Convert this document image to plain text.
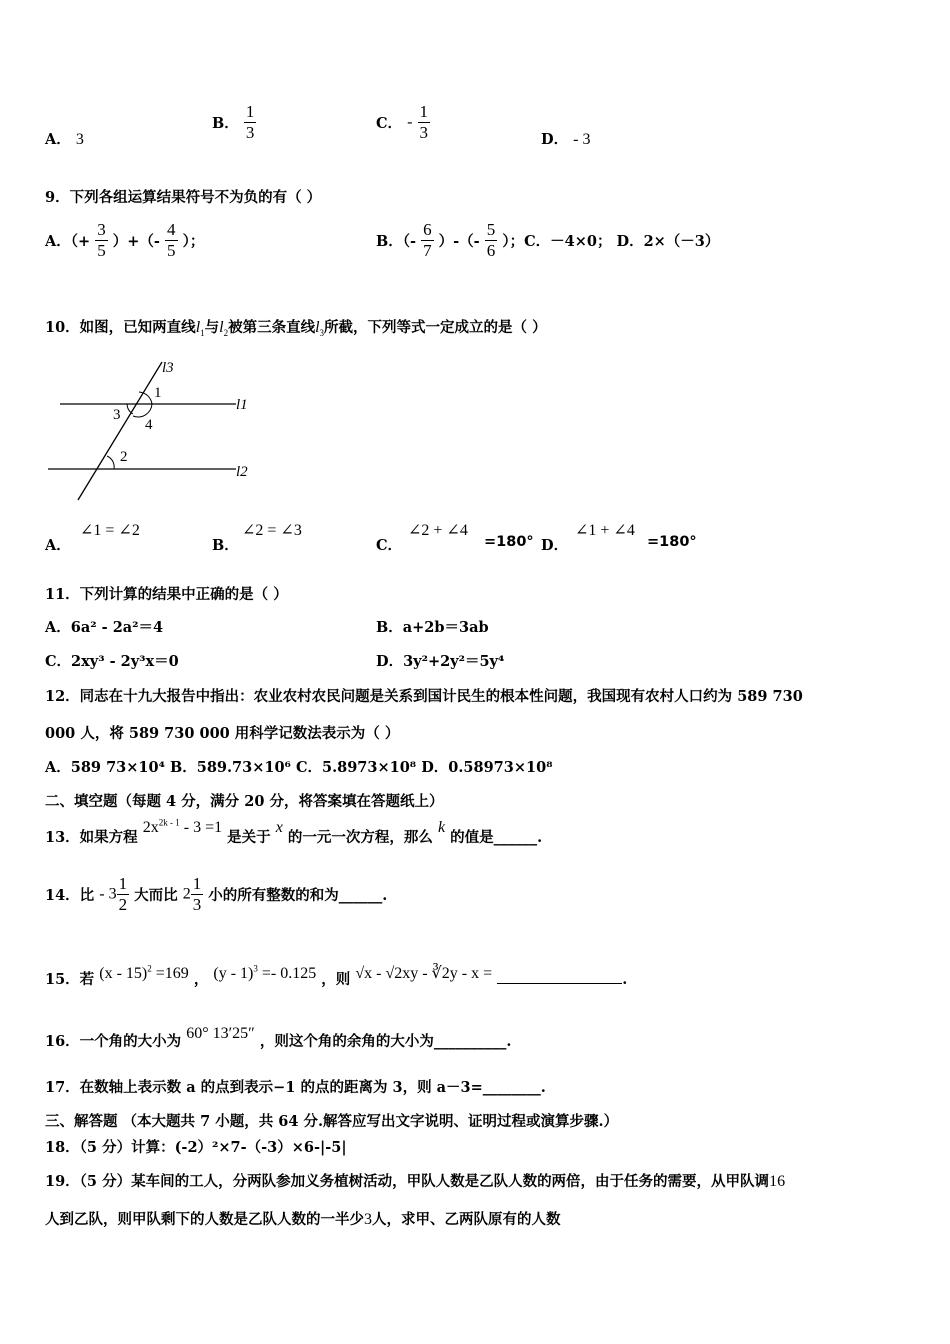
A． 3
B． $\frac{1}{3}$	C． - $\frac{1}{3}$	D． - 3
9．下列各组运算结果符号不为负的有（ ）
A．（+ $\frac{3}{5}$ ）+（- $\frac{4}{5}$ ）；	B．（- $\frac{6}{7}$ ）-（- $\frac{5}{6}$ ）；C．－4×0； D．2×（－3）
10．如图，已知两直线$l_1$与$l_2$被第三条直线$l_3$所截，下列等式一定成立的是（ ）
l3
l1
l2
1
3
4
2
A．
∠1 = ∠2
B．
∠2 = ∠3
C．
∠2 + ∠4
=180° D．
∠1 + ∠4
=180°
11．下列计算的结果中正确的是（ ）
A．6a² - 2a²＝4	B．a+2b＝3ab
C．2xy³ - 2y³x＝0	D．3y²+2y²＝5y⁴
12．同志在十九大报告中指出：农业农村农民问题是关系到国计民生的根本性问题，我国现有农村人口约为 589 730
000 人，将 589 730 000 用科学记数法表示为（ ）
A．589 73×10⁴ B．589.73×10⁶ C．5.8973×10⁸ D．0.58973×10⁸
二、填空题（每题 4 分，满分 20 分，将答案填在答题纸上）
13．如果方程 $2x^{2k - 1} - 3 =1$ 是关于 x 的一元一次方程，那么 k 的值是______.
14．比 - $3 \frac{1}{2}$ 大而比 $2 \frac{1}{3}$ 小的所有整数的和为______.
15．若 (x - 15)$^2$ =169 ， (y - 1)$^3$ =- 0.125 ，则 √x - √2xy - ∛2y - x =	.
16．一个角的大小为 60° 13′25″ ，则这个角的余角的大小为__________.
17．在数轴上表示数 a 的点到表示−1 的点的距离为 3，则 a－3=________.
三、解答题 （本大题共 7 小题，共 64 分.解答应写出文字说明、证明过程或演算步骤.）
18．（5 分）计算：(-2）²×7-（-3）×6-|-5|
19．（5 分）某车间的工人，分两队参加义务植树活动，甲队人数是乙队人数的两倍，由于任务的需要，从甲队调16
人到乙队，则甲队剩下的人数是乙队人数的一半少3人，求甲、乙两队原有的人数
